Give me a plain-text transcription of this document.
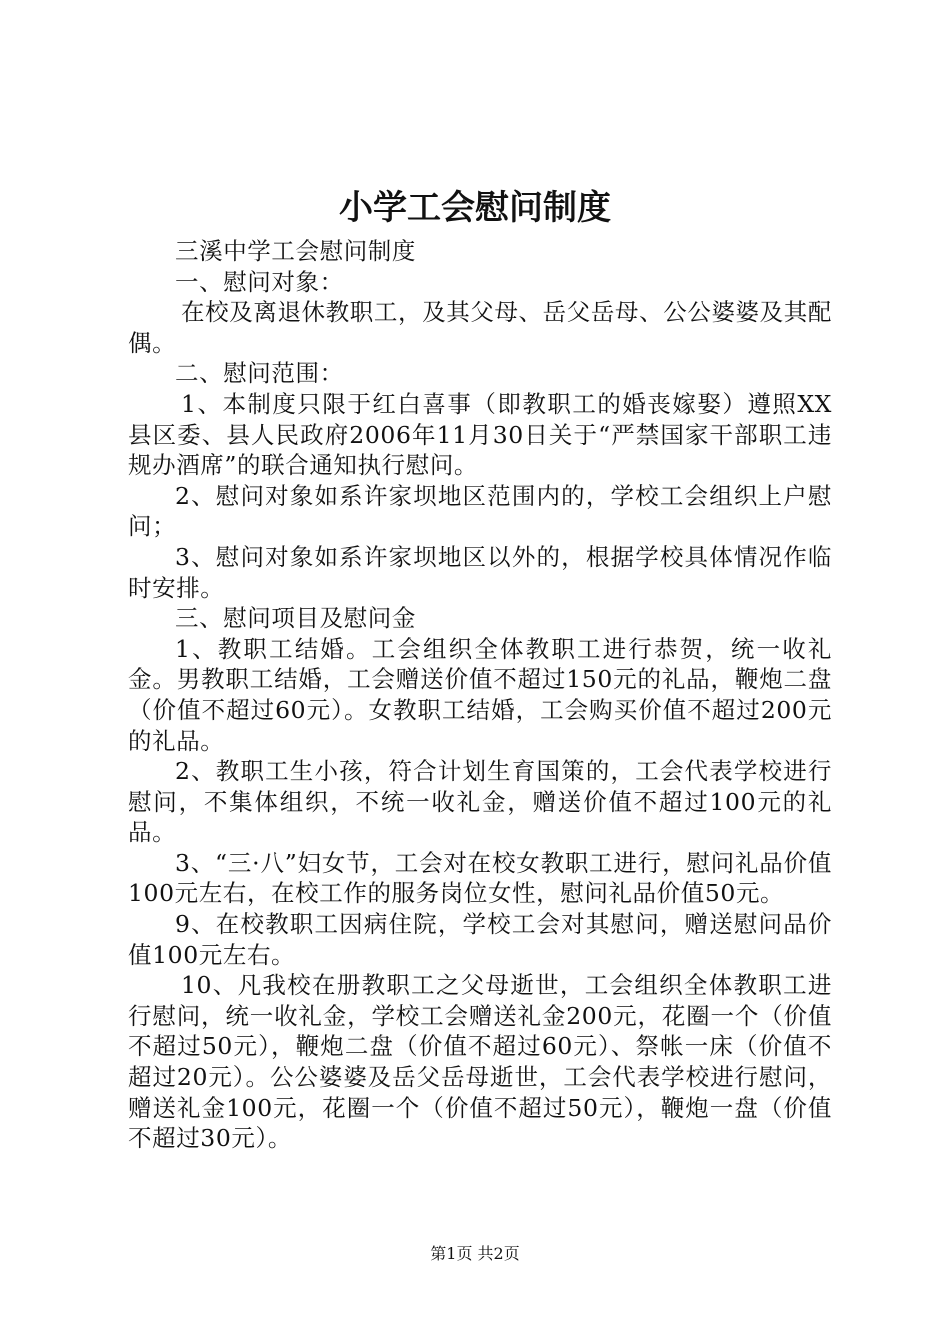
小学工会慰问制度

三溪中学工会慰问制度

一、慰问对象：

在校及离退休教职工，及其父母、岳父岳母、公公婆婆及其配偶。

二、慰问范围：

1、本制度只限于红白喜事（即教职工的婚丧嫁娶）遵照XX县区委、县人民政府2006年11月30日关于“严禁国家干部职工违规办酒席”的联合通知执行慰问。

2、慰问对象如系许家坝地区范围内的，学校工会组织上户慰问；

3、慰问对象如系许家坝地区以外的，根据学校具体情况作临时安排。

三、慰问项目及慰问金

1、教职工结婚。工会组织全体教职工进行恭贺，统一收礼金。男教职工结婚，工会赠送价值不超过150元的礼品，鞭炮二盘（价值不超过60元）。女教职工结婚，工会购买价值不超过200元的礼品。

2、教职工生小孩，符合计划生育国策的，工会代表学校进行慰问，不集体组织，不统一收礼金，赠送价值不超过100元的礼品。

3、“三·八”妇女节，工会对在校女教职工进行，慰问礼品价值100元左右，在校工作的服务岗位女性，慰问礼品价值50元。

9、在校教职工因病住院，学校工会对其慰问，赠送慰问品价值100元左右。

10、凡我校在册教职工之父母逝世，工会组织全体教职工进行慰问，统一收礼金，学校工会赠送礼金200元，花圈一个（价值不超过50元），鞭炮二盘（价值不超过60元）、祭帐一床（价值不超过20元）。公公婆婆及岳父岳母逝世，工会代表学校进行慰问，赠送礼金100元，花圈一个（价值不超过50元），鞭炮一盘（价值不超过30元）。

第1页 共2页
